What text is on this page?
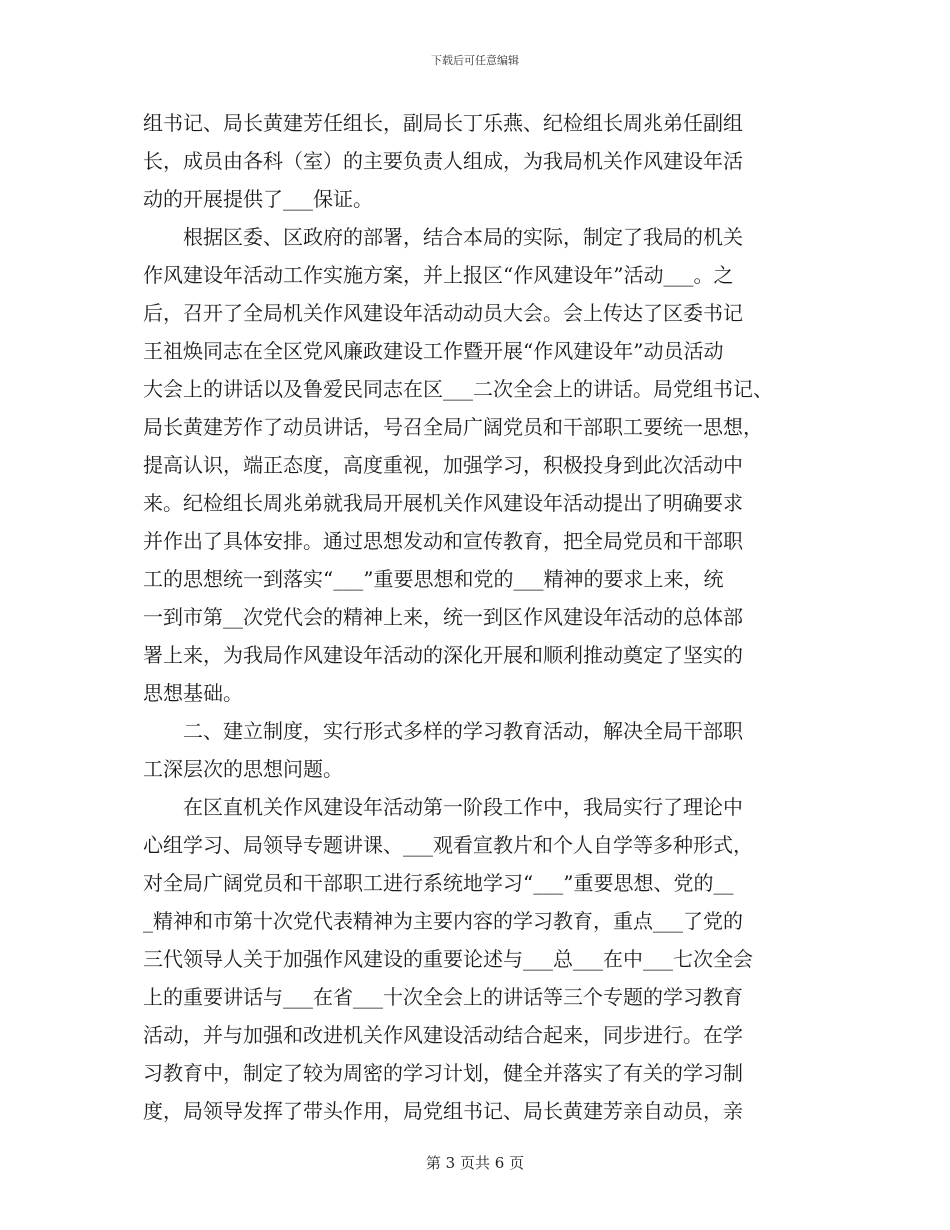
下载后可任意编辑
组书记、局长黄建芳任组长，副局长丁乐燕、纪检组长周兆弟任副组
长，成员由各科（室）的主要负责人组成，为我局机关作风建设年活
动的开展提供了___保证。
根据区委、区政府的部署，结合本局的实际，制定了我局的机关
作风建设年活动工作实施方案，并上报区“作风建设年”活动___。之
后，召开了全局机关作风建设年活动动员大会。会上传达了区委书记
王祖焕同志在全区党风廉政建设工作暨开展“作风建设年”动员活动
大会上的讲话以及鲁爱民同志在区___二次全会上的讲话。局党组书记、
局长黄建芳作了动员讲话，号召全局广阔党员和干部职工要统一思想，
提高认识，端正态度，高度重视，加强学习，积极投身到此次活动中
来。纪检组长周兆弟就我局开展机关作风建设年活动提出了明确要求
并作出了具体安排。通过思想发动和宣传教育，把全局党员和干部职
工的思想统一到落实“___”重要思想和党的___精神的要求上来，统
一到市第__次党代会的精神上来，统一到区作风建设年活动的总体部
署上来，为我局作风建设年活动的深化开展和顺利推动奠定了坚实的
思想基础。
二、建立制度，实行形式多样的学习教育活动，解决全局干部职
工深层次的思想问题。
在区直机关作风建设年活动第一阶段工作中，我局实行了理论中
心组学习、局领导专题讲课、___观看宣教片和个人自学等多种形式，
对全局广阔党员和干部职工进行系统地学习“___”重要思想、党的__
_精神和市第十次党代表精神为主要内容的学习教育，重点___了党的
三代领导人关于加强作风建设的重要论述与___总___在中___七次全会
上的重要讲话与___在省___十次全会上的讲话等三个专题的学习教育
活动，并与加强和改进机关作风建设活动结合起来，同步进行。在学
习教育中，制定了较为周密的学习计划，健全并落实了有关的学习制
度，局领导发挥了带头作用，局党组书记、局长黄建芳亲自动员，亲
第 3 页共 6 页
